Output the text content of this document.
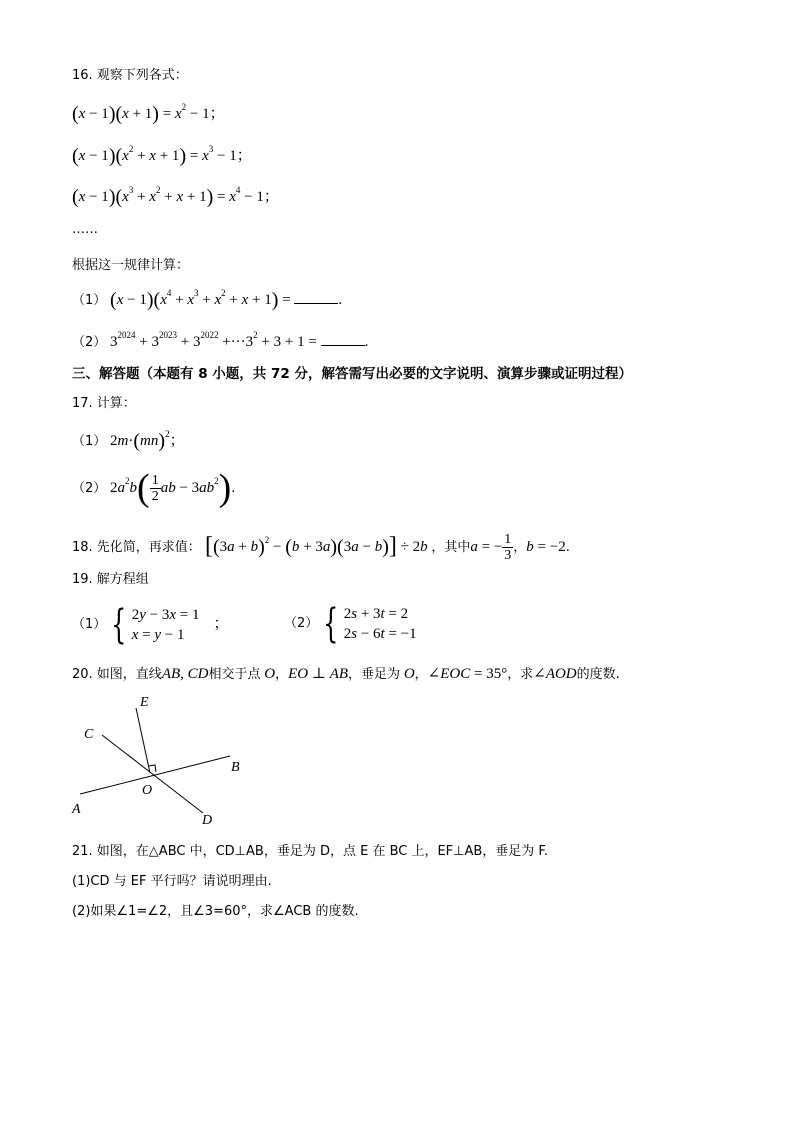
16. 观察下列各式：
$(x - 1)(x + 1) = x^2 - 1$；
$(x - 1)(x^2 + x + 1) = x^3 - 1$；
$(x - 1)(x^3 + x^2 + x + 1) = x^4 - 1$；
……
根据这一规律计算：
（1） $(x - 1)(x^4 + x^3 + x^2 + x + 1)$ =	.
（2） $3^{2024} + 3^{2023} + 3^{2022} +\cdot\cdot\cdot 3^2 + 3 + 1$ =	.
三、解答题（本题有 8 小题，共 72 分，解答需写出必要的文字说明、演算步骤或证明过程）
17. 计算：
（1） 2m·(mn)$^2$；
（2） $2a^2b( \frac{1}{2}$ ab − $3ab^2$).
18. 先化简，再求值： $[(3a + b)^2 - (b + 3a)(3a - b)] \div 2b$ ，其中a = − $\frac{1}{3}$ ，b = −2.
19. 解方程组
（1） { 2y − 3x = 1
x = y − 1
；	（2） { 2s + 3t = 2
2s − 6t = −1
20. 如图，直线AB, CD相交于点 O，EO ⊥ AB，垂足为 O，∠EOC = 35°，求∠AOD的度数.
E
C
B
O
A
D
21. 如图，在△ABC 中，CD⊥AB，垂足为 D，点 E 在 BC 上，EF⊥AB，垂足为 F.
(1)CD 与 EF 平行吗？请说明理由.
(2)如果∠1=∠2，且∠3=60°，求∠ACB 的度数.
